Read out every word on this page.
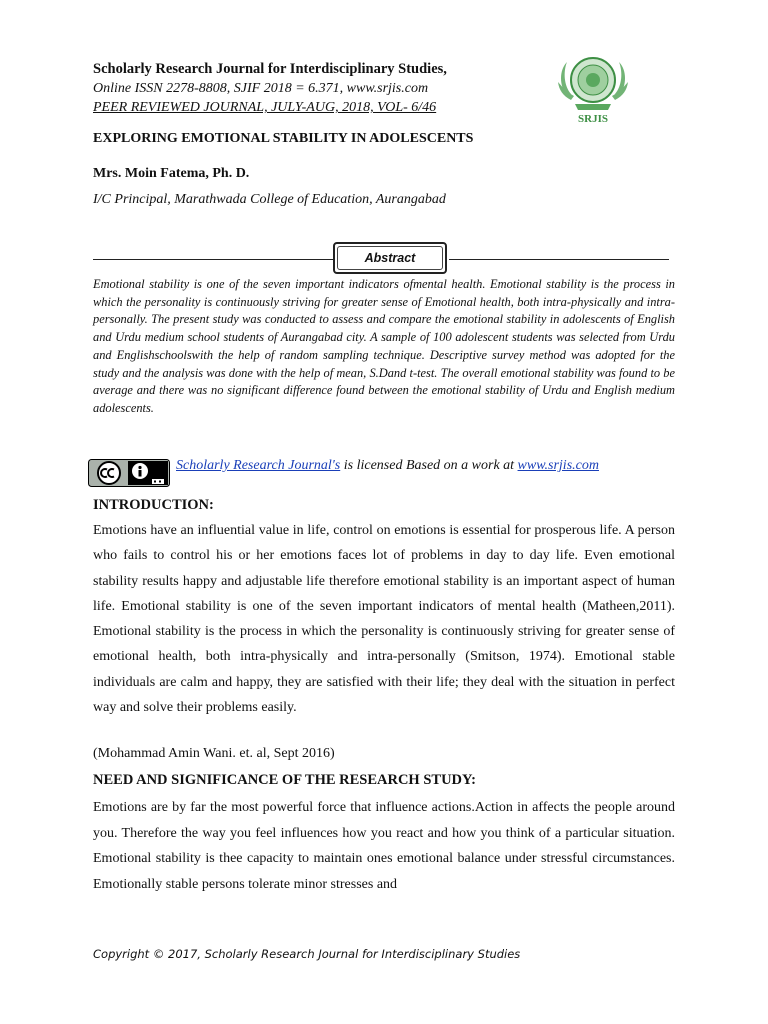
Scholarly Research Journal for Interdisciplinary Studies,

Online ISSN 2278-8808, SJIF 2018 = 6.371, www.srjis.com

PEER REVIEWED JOURNAL, JULY-AUG, 2018, VOL- 6/46

SRJIS

EXPLORING EMOTIONAL STABILITY IN ADOLESCENTS

Mrs. Moin Fatema, Ph. D.

I/C Principal, Marathwada College of Education, Aurangabad

Abstract

Emotional stability is one of the seven important indicators ofmental health. Emotional stability is the process in which the personality is continuously striving for greater sense of Emotional health, both intra-physically and intra-personally. The present study was conducted to assess and compare the emotional stability in adolescents of English and Urdu medium school students of Aurangabad city. A sample of 100 adolescent students was selected from Urdu and Englishschoolswith the help of random sampling technique. Descriptive survey method was adopted for the study and the analysis was done with the help of mean, S.Dand t-test. The overall emotional stability was found to be average and there was no significant difference found between the emotional stability of Urdu and English medium adolescents.

Scholarly Research Journal's is licensed Based on a work at www.srjis.com

INTRODUCTION:

Emotions have an influential value in life, control on emotions is essential for prosperous life. A person who fails to control his or her emotions faces lot of problems in day to day life. Even emotional stability results happy and adjustable life therefore emotional stability is an important aspect of human life. Emotional stability is one of the seven important indicators of mental health (Matheen,2011). Emotional stability is the process in which the personality is continuously striving for greater sense of emotional health, both intra-physically and intra-personally (Smitson, 1974). Emotional stable individuals are calm and happy, they are satisfied with their life; they deal with the situation in perfect way and solve their problems easily.

(Mohammad Amin Wani. et. al, Sept 2016)

NEED AND SIGNIFICANCE OF THE RESEARCH STUDY:

Emotions are by far the most powerful force that influence actions.Action in affects the people around you. Therefore the way you feel influences how you react and how you think of a particular situation. Emotional stability is thee capacity to maintain ones emotional balance under stressful circumstances. Emotionally stable persons tolerate minor stresses and

Copyright © 2017, Scholarly Research Journal for Interdisciplinary Studies
